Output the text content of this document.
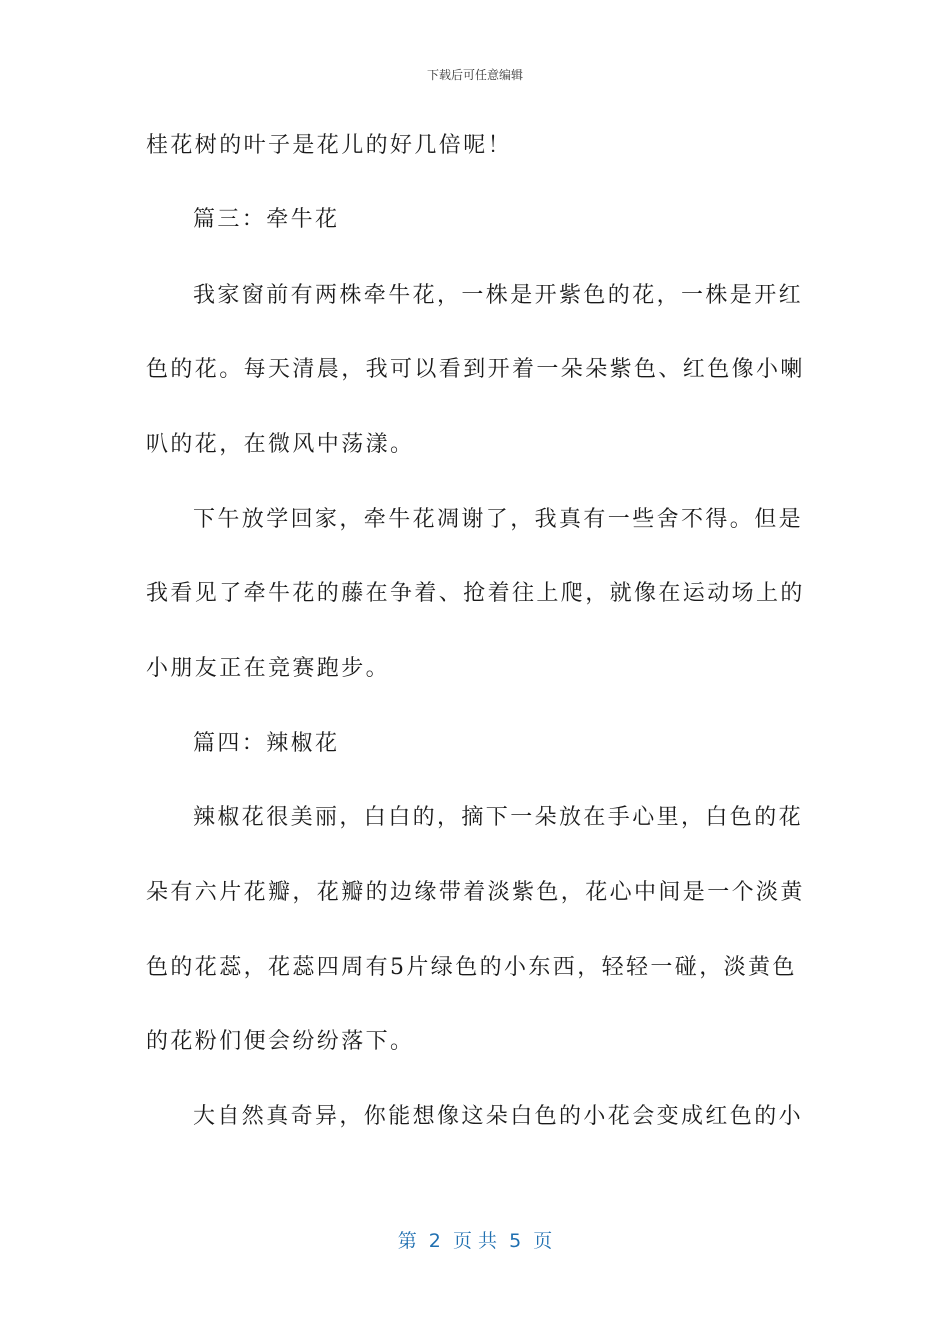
下载后可任意编辑
桂花树的叶子是花儿的好几倍呢！
篇三：牵牛花
我家窗前有两株牵牛花，一株是开紫色的花，一株是开红
色的花。每天清晨，我可以看到开着一朵朵紫色、红色像小喇
叭的花，在微风中荡漾。
下午放学回家，牵牛花凋谢了，我真有一些舍不得。但是
我看见了牵牛花的藤在争着、抢着往上爬，就像在运动场上的
小朋友正在竞赛跑步。
篇四：辣椒花
辣椒花很美丽，白白的，摘下一朵放在手心里，白色的花
朵有六片花瓣，花瓣的边缘带着淡紫色，花心中间是一个淡黄
色的花蕊，花蕊四周有5片绿色的小东西，轻轻一碰，淡黄色
的花粉们便会纷纷落下。
大自然真奇异，你能想像这朵白色的小花会变成红色的小
第  2  页 共  5  页
